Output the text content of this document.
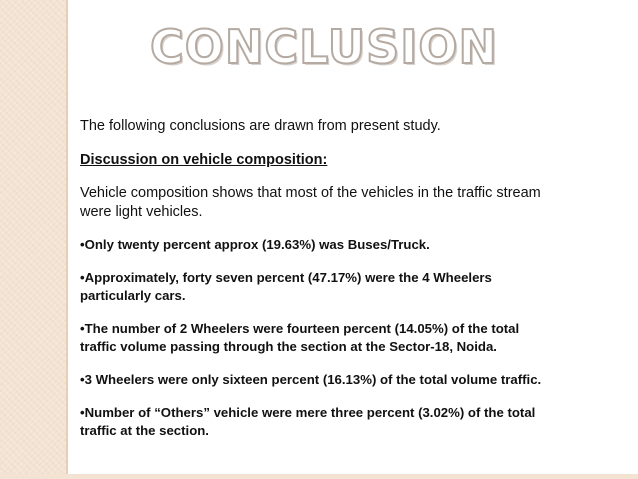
CONCLUSION
The following conclusions are drawn from present study.
Discussion on vehicle composition:
Vehicle composition shows that most of the vehicles in the traffic stream
were light vehicles.
•Only twenty percent approx (19.63%) was Buses/Truck.
•Approximately, forty seven percent (47.17%) were the 4 Wheelers
particularly cars.
•The number of 2 Wheelers were fourteen percent (14.05%) of the total
traffic volume passing through the section at the Sector-18, Noida.
•3 Wheelers were only sixteen percent (16.13%) of the total volume traffic.
•Number of “Others” vehicle were mere three percent (3.02%) of the total
traffic at the section.
